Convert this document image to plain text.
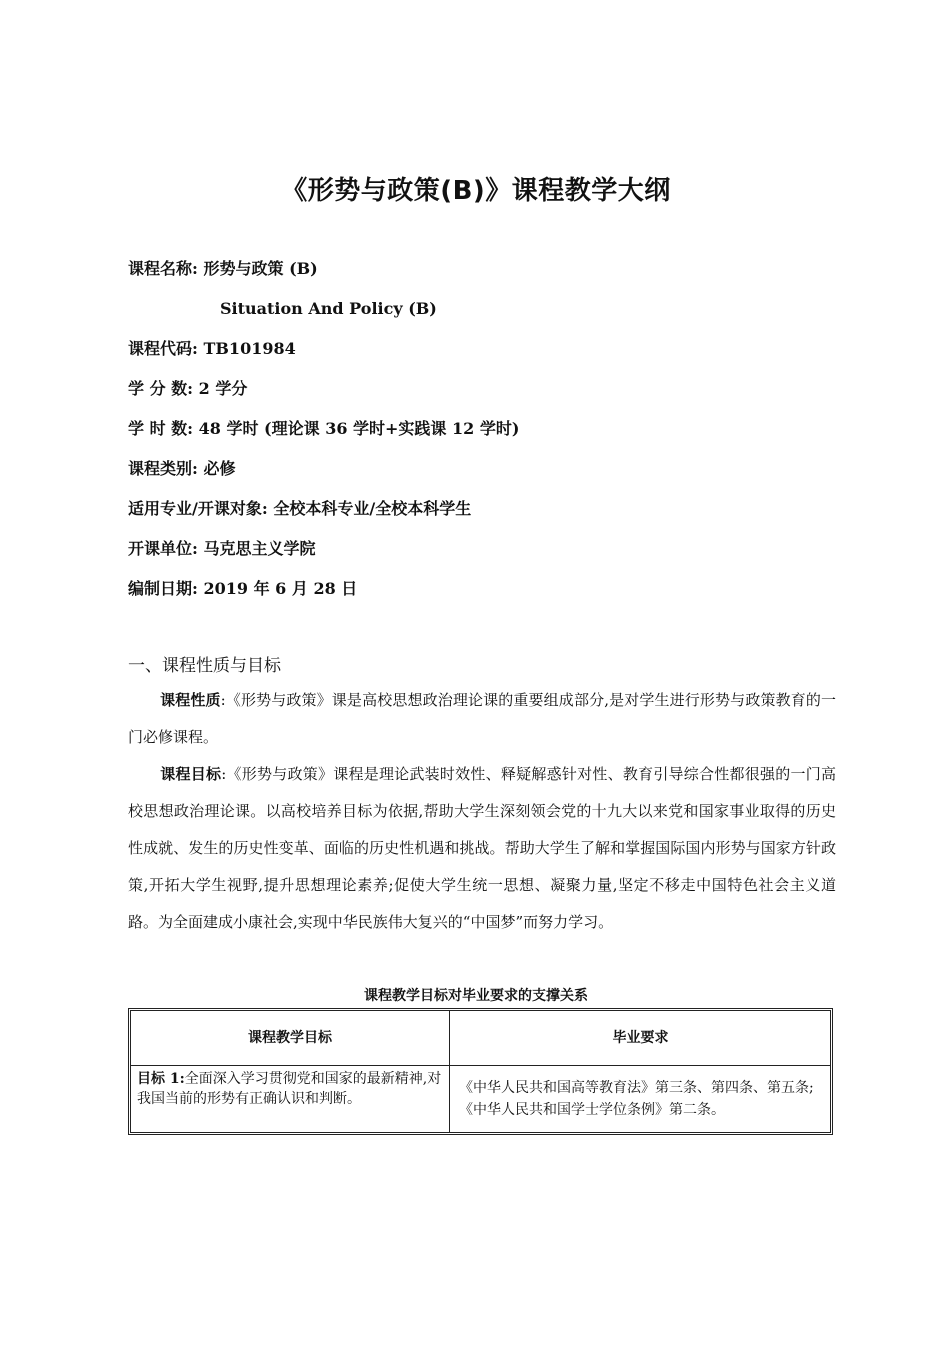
《形势与政策(B)》课程教学大纲
课程名称: 形势与政策 (B)
Situation And Policy (B)
课程代码: TB101984
学 分 数: 2 学分
学 时 数: 48 学时 (理论课 36 学时+实践课 12 学时)
课程类别: 必修
适用专业/开课对象: 全校本科专业/全校本科学生
开课单位: 马克思主义学院
编制日期: 2019 年 6 月 28 日
一、课程性质与目标
课程性质:《形势与政策》课是高校思想政治理论课的重要组成部分,是对学生进行形势与政策教育的一门必修课程。
课程目标:《形势与政策》课程是理论武装时效性、释疑解惑针对性、教育引导综合性都很强的一门高校思想政治理论课。以高校培养目标为依据,帮助大学生深刻领会党的十九大以来党和国家事业取得的历史性成就、发生的历史性变革、面临的历史性机遇和挑战。帮助大学生了解和掌握国际国内形势与国家方针政策,开拓大学生视野,提升思想理论素养;促使大学生统一思想、凝聚力量,坚定不移走中国特色社会主义道路。为全面建成小康社会,实现中华民族伟大复兴的“中国梦”而努力学习。
课程教学目标对毕业要求的支撑关系
课程教学目标	毕业要求
目标 1:全面深入学习贯彻党和国家的最新精神,对我国当前的形势有正确认识和判断。
《中华人民共和国高等教育法》第三条、第四条、第五条;《中华人民共和国学士学位条例》第二条。
